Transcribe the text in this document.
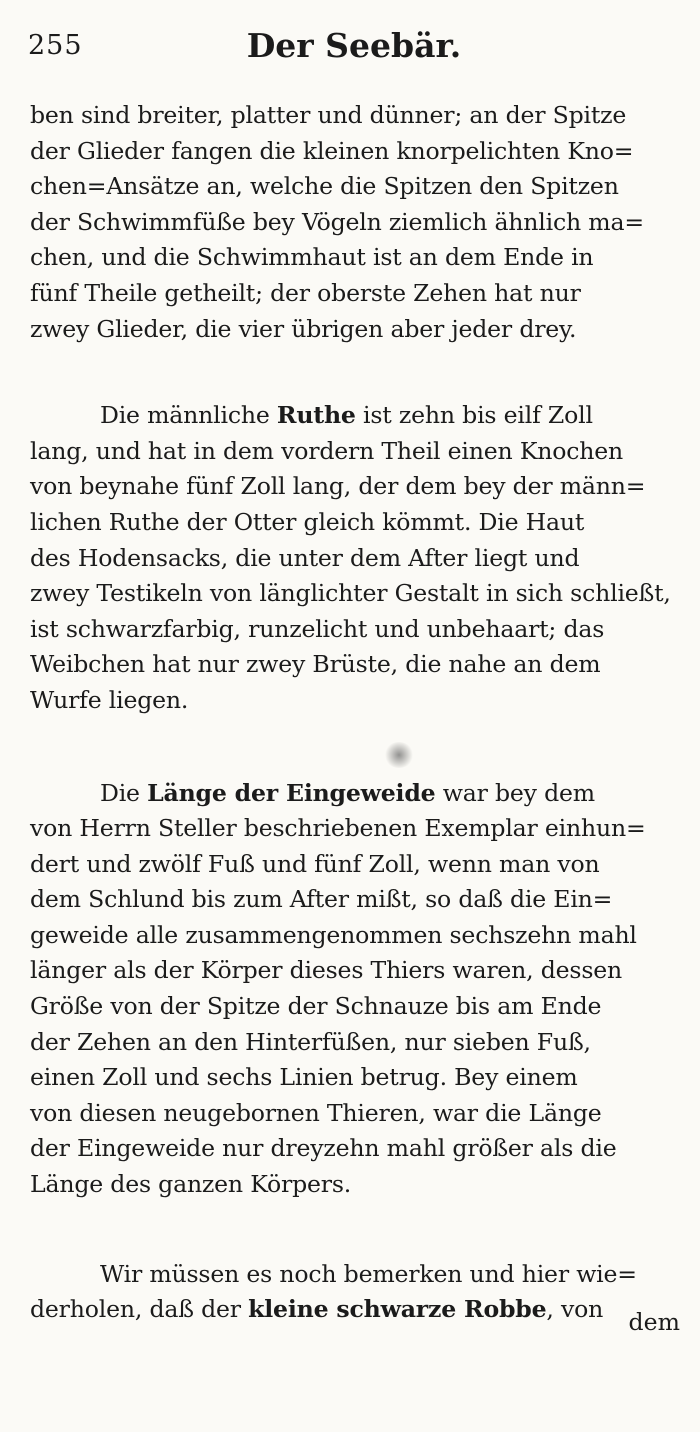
255	Der Seebär.

ben sind breiter, platter und dünner; an der Spitze
der Glieder fangen die kleinen knorpelichten Kno=
chen=Ansätze an, welche die Spitzen den Spitzen
der Schwimmfüße bey Vögeln ziemlich ähnlich ma=
chen, und die Schwimmhaut ist an dem Ende in
fünf Theile getheilt; der oberste Zehen hat nur
zwey Glieder, die vier übrigen aber jeder drey.

Die männliche Ruthe ist zehn bis eilf Zoll
lang, und hat in dem vordern Theil einen Knochen
von beynahe fünf Zoll lang, der dem bey der männ=
lichen Ruthe der Otter gleich kömmt. Die Haut
des Hodensacks, die unter dem After liegt und
zwey Testikeln von länglichter Gestalt in sich schließt,
ist schwarzfarbig, runzelicht und unbehaart; das
Weibchen hat nur zwey Brüste, die nahe an dem
Wurfe liegen.

Die Länge der Eingeweide war bey dem
von Herrn Steller beschriebenen Exemplar einhun=
dert und zwölf Fuß und fünf Zoll, wenn man von
dem Schlund bis zum After mißt, so daß die Ein=
geweide alle zusammengenommen sechszehn mahl
länger als der Körper dieses Thiers waren, dessen
Größe von der Spitze der Schnauze bis am Ende
der Zehen an den Hinterfüßen, nur sieben Fuß,
einen Zoll und sechs Linien betrug. Bey einem
von diesen neugebornen Thieren, war die Länge
der Eingeweide nur dreyzehn mahl größer als die
Länge des ganzen Körpers.

Wir müssen es noch bemerken und hier wie=
derholen, daß der kleine schwarze Robbe, von	dem
